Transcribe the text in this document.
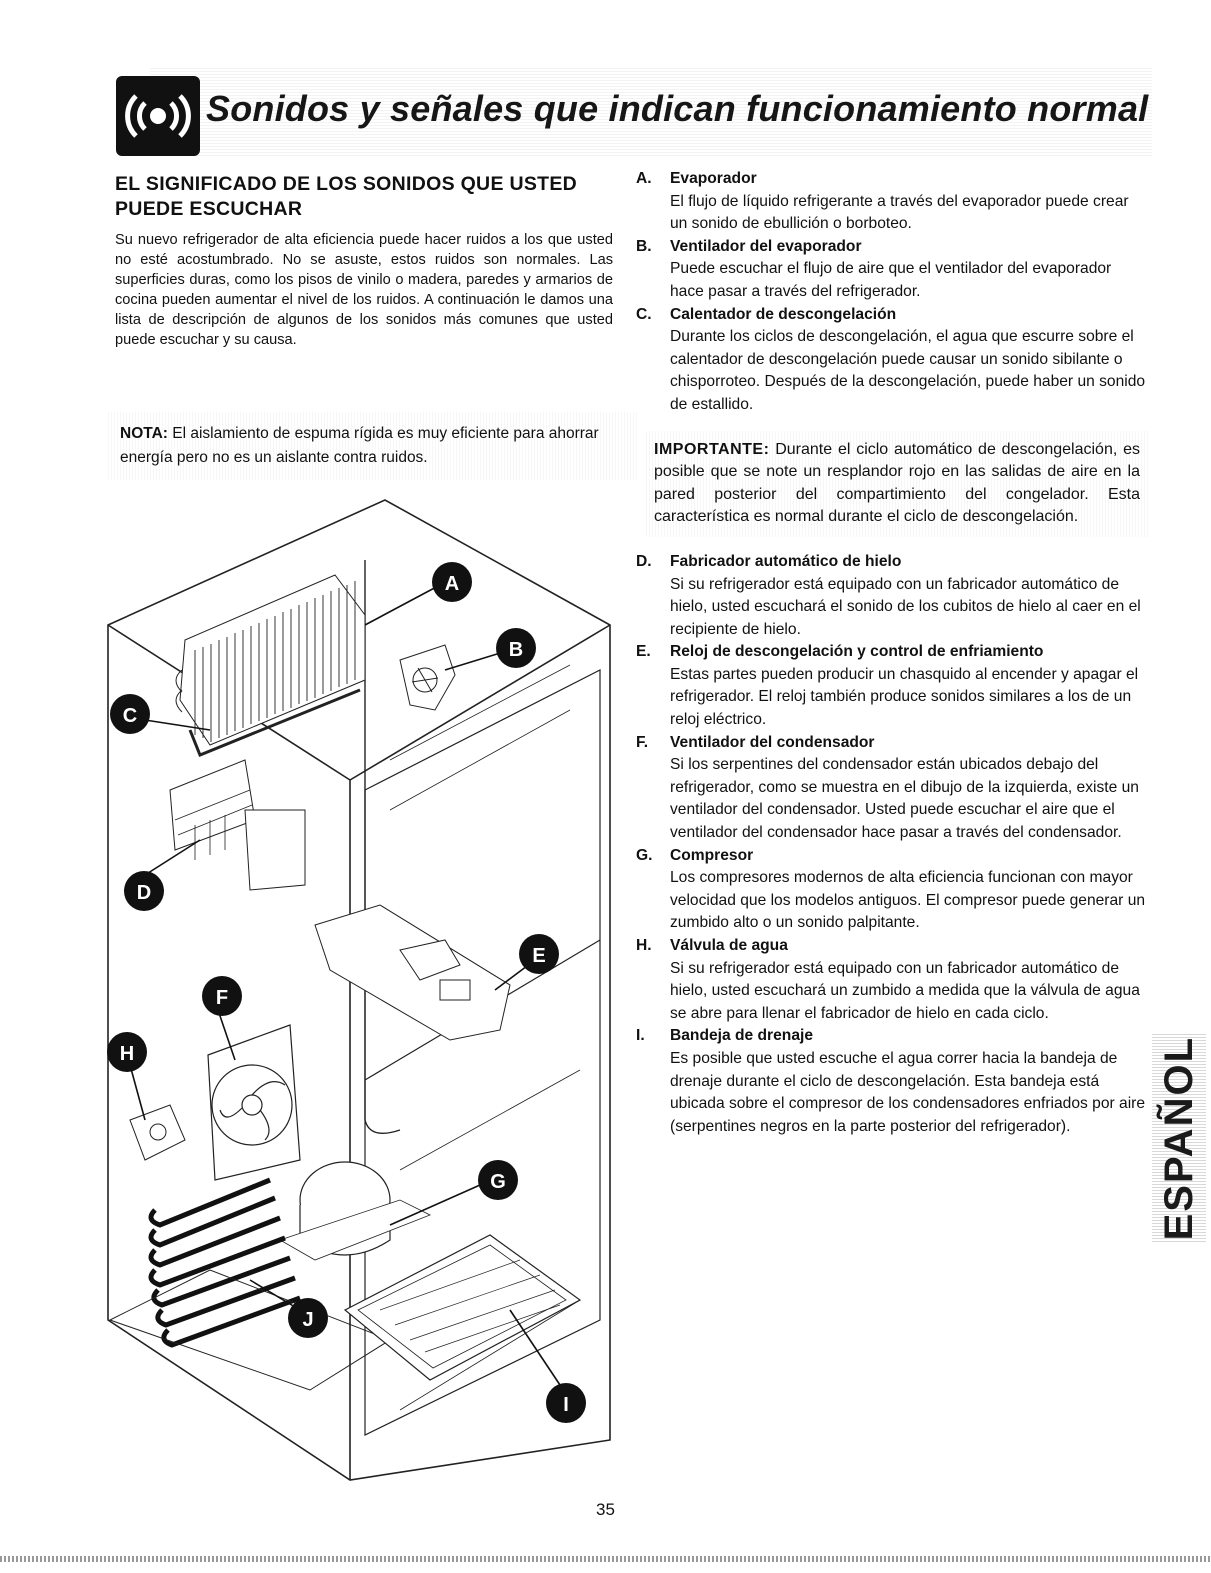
Sonidos y señales que indican funcionamiento normal
EL SIGNIFICADO DE LOS SONIDOS QUE USTED PUEDE ESCUCHAR

Su nuevo refrigerador de alta eficiencia puede hacer ruidos a los que usted no esté acostumbrado. No se asuste, estos ruidos son normales. Las superficies duras, como los pisos de vinilo o madera, paredes y armarios de cocina pueden aumentar el nivel de los ruidos. A continuación le damos una lista de descripción de algunos de los sonidos más comunes que usted puede escuchar y su causa.

NOTA: El aislamiento de espuma rígida es muy eficiente para ahorrar energía pero no es un aislante contra ruidos.
A
B
C
D
E
F
G
H
I
J
A.	Evaporador
El flujo de líquido refrigerante a través del evaporador puede crear un sonido de ebullición o borboteo.
B.	Ventilador del evaporador
Puede escuchar el flujo de aire que el ventilador del evaporador hace pasar a través del refrigerador.
C.	Calentador de descongelación
Durante los ciclos de descongelación, el agua que escurre sobre el calentador de descongelación puede causar un sonido sibilante o chisporroteo. Después de la descongelación, puede haber un sonido de estallido.
IMPORTANTE: Durante el ciclo automático de descongelación, es posible que se note un resplandor rojo en las salidas de aire en la pared posterior del compartimiento del congelador. Esta característica es normal durante el ciclo de descongelación.
D.	Fabricador automático de hielo
Si su refrigerador está equipado con un fabricador automático de hielo, usted escuchará el sonido de los cubitos de hielo al caer en el recipiente de hielo.
E.	Reloj de descongelación y control de enfriamiento
Estas partes pueden producir un chasquido al encender y apagar el refrigerador. El reloj también produce sonidos similares a los de un reloj eléctrico.
F.	Ventilador del condensador
Si los serpentines del condensador están ubicados debajo del refrigerador, como se muestra en el dibujo de la izquierda, existe un ventilador del condensador. Usted puede escuchar el aire que el ventilador del condensador hace pasar a través del condensador.
G.	Compresor
Los compresores modernos de alta eficiencia funcionan con mayor velocidad que los modelos antiguos. El compresor puede generar un zumbido alto o un sonido palpitante.
H.	Válvula de agua
Si su refrigerador está equipado con un fabricador automático de hielo, usted escuchará un zumbido a medida que la válvula de agua se abre para llenar el fabricador de hielo en cada ciclo.
I.	Bandeja de drenaje
Es posible que usted escuche el agua correr hacia la bandeja de drenaje durante el ciclo de descongelación. Esta bandeja está ubicada sobre el compresor de los condensadores enfriados por aire (serpentines negros en la parte posterior del refrigerador).	ESPAÑOL
35
